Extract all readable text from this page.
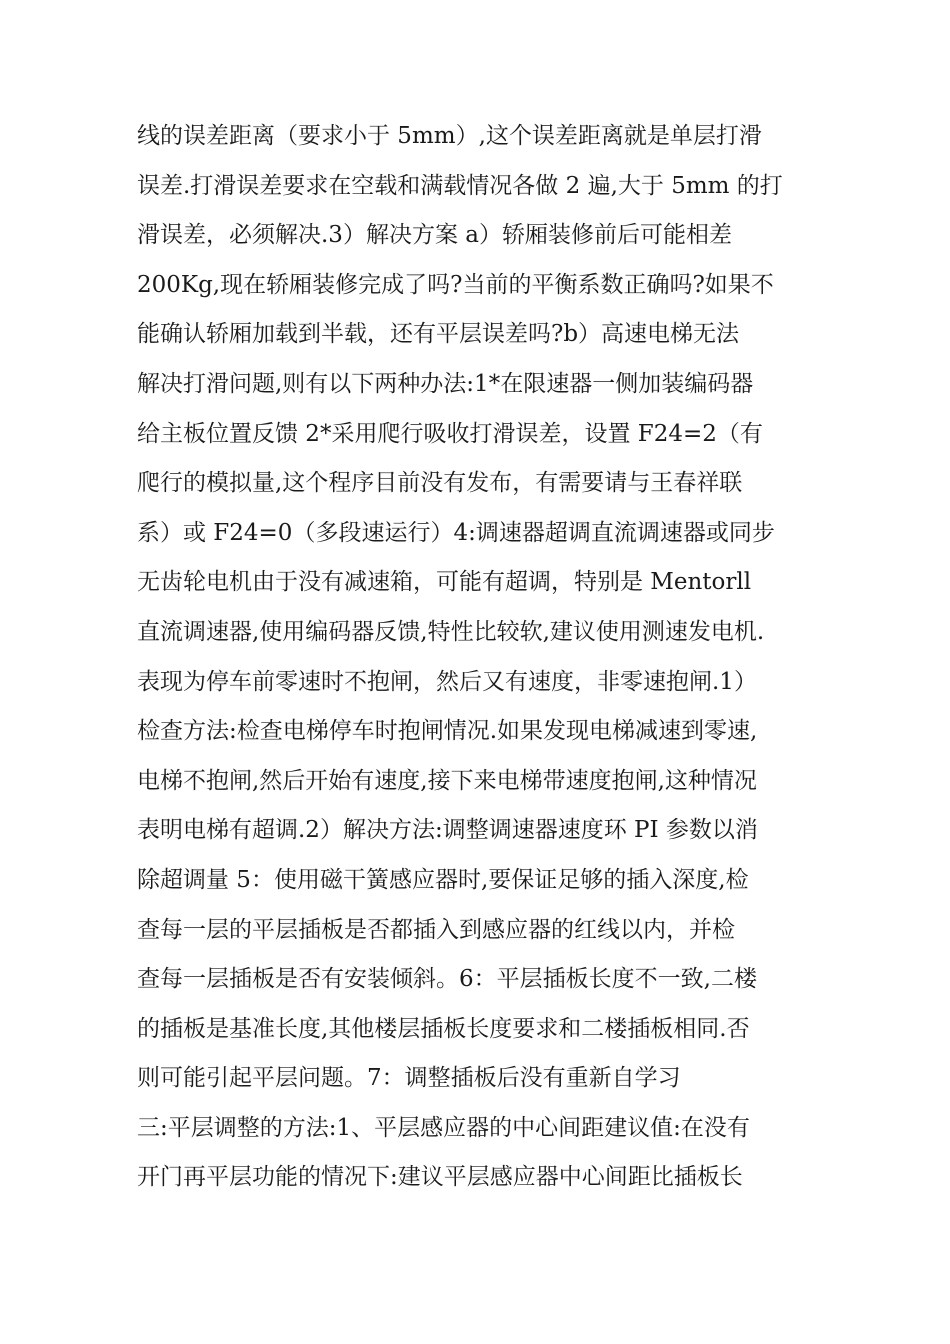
线的误差距离（要求小于 5mm）,这个误差距离就是单层打滑
误差.打滑误差要求在空载和满载情况各做 2 遍,大于 5mm 的打
滑误差，必须解决.3）解决方案 a）轿厢装修前后可能相差
200Kg,现在轿厢装修完成了吗?当前的平衡系数正确吗?如果不
能确认轿厢加载到半载，还有平层误差吗?b）高速电梯无法
解决打滑问题,则有以下两种办法:1*在限速器一侧加装编码器
给主板位置反馈 2*采用爬行吸收打滑误差，设置 F24=2（有
爬行的模拟量,这个程序目前没有发布，有需要请与王春祥联
系）或 F24=0（多段速运行）4:调速器超调直流调速器或同步
无齿轮电机由于没有减速箱，可能有超调，特别是 Mentorll
直流调速器,使用编码器反馈,特性比较软,建议使用测速发电机.
表现为停车前零速时不抱闸，然后又有速度，非零速抱闸.1）
检查方法:检查电梯停车时抱闸情况.如果发现电梯减速到零速,
电梯不抱闸,然后开始有速度,接下来电梯带速度抱闸,这种情况
表明电梯有超调.2）解决方法:调整调速器速度环 PI 参数以消
除超调量 5：使用磁干簧感应器时,要保证足够的插入深度,检
查每一层的平层插板是否都插入到感应器的红线以内，并检
查每一层插板是否有安装倾斜。6：平层插板长度不一致,二楼
的插板是基准长度,其他楼层插板长度要求和二楼插板相同.否
则可能引起平层问题。7：调整插板后没有重新自学习
三:平层调整的方法:1、平层感应器的中心间距建议值:在没有
开门再平层功能的情况下:建议平层感应器中心间距比插板长
